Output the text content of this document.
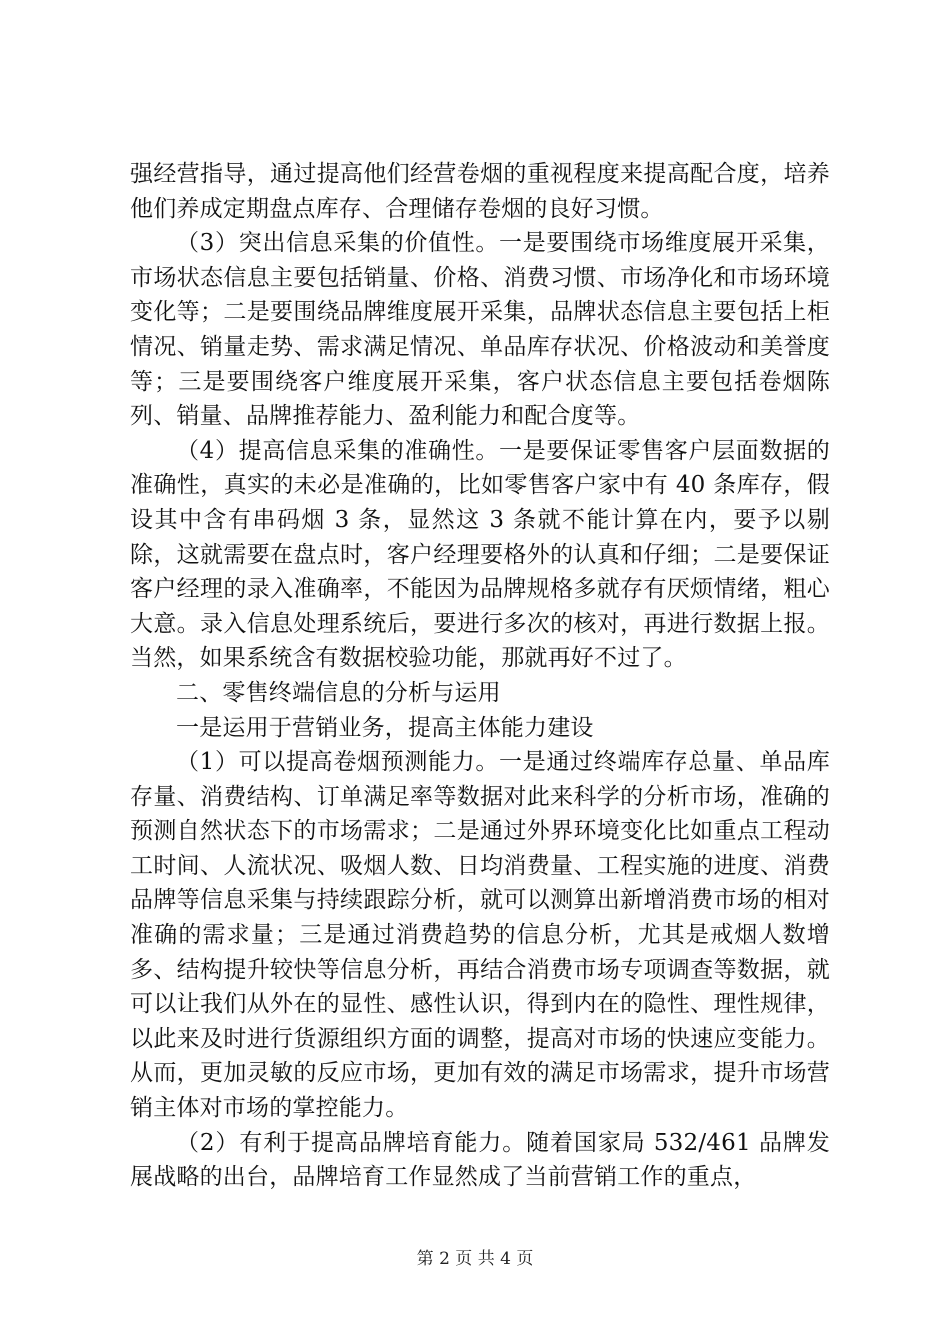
强经营指导，通过提高他们经营卷烟的重视程度来提高配合度，培养他们养成定期盘点库存、合理储存卷烟的良好习惯。

（3）突出信息采集的价值性。一是要围绕市场维度展开采集，市场状态信息主要包括销量、价格、消费习惯、市场净化和市场环境变化等；二是要围绕品牌维度展开采集，品牌状态信息主要包括上柜情况、销量走势、需求满足情况、单品库存状况、价格波动和美誉度等；三是要围绕客户维度展开采集，客户状态信息主要包括卷烟陈列、销量、品牌推荐能力、盈利能力和配合度等。

（4）提高信息采集的准确性。一是要保证零售客户层面数据的准确性，真实的未必是准确的，比如零售客户家中有 40 条库存，假设其中含有串码烟 3 条，显然这 3 条就不能计算在内，要予以剔除，这就需要在盘点时，客户经理要格外的认真和仔细；二是要保证客户经理的录入准确率，不能因为品牌规格多就存有厌烦情绪，粗心大意。录入信息处理系统后，要进行多次的核对，再进行数据上报。当然，如果系统含有数据校验功能，那就再好不过了。

二、零售终端信息的分析与运用

一是运用于营销业务，提高主体能力建设

（1）可以提高卷烟预测能力。一是通过终端库存总量、单品库存量、消费结构、订单满足率等数据对此来科学的分析市场，准确的预测自然状态下的市场需求；二是通过外界环境变化比如重点工程动工时间、人流状况、吸烟人数、日均消费量、工程实施的进度、消费品牌等信息采集与持续跟踪分析，就可以测算出新增消费市场的相对准确的需求量；三是通过消费趋势的信息分析，尤其是戒烟人数增多、结构提升较快等信息分析，再结合消费市场专项调查等数据，就可以让我们从外在的显性、感性认识，得到内在的隐性、理性规律，以此来及时进行货源组织方面的调整，提高对市场的快速应变能力。从而，更加灵敏的反应市场，更加有效的满足市场需求，提升市场营销主体对市场的掌控能力。

（2）有利于提高品牌培育能力。随着国家局 532/461 品牌发展战略的出台，品牌培育工作显然成了当前营销工作的重点，

第 2 页 共 4 页
